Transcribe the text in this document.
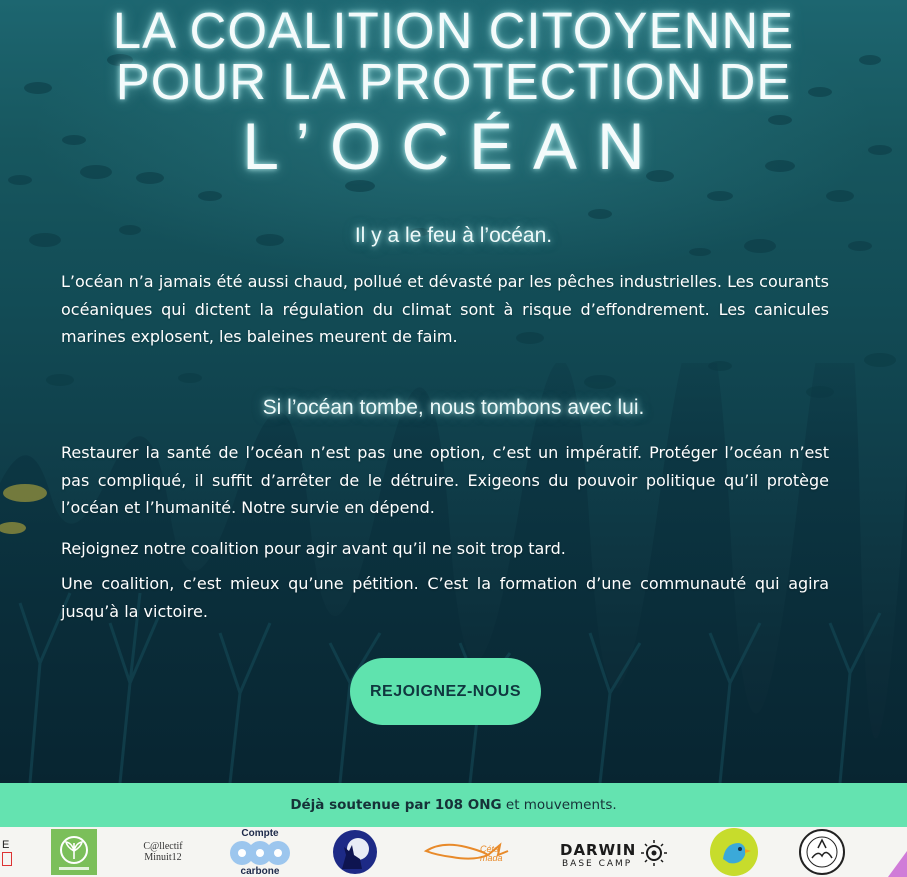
LA COALITION CITOYENNE
POUR LA PROTECTION DE
L’OCÉAN
Il y a le feu à l’océan.

L’océan n’a jamais été aussi chaud, pollué et dévasté par les pêches industrielles. Les courants océaniques qui dictent la régulation du climat sont à risque d’effondrement. Les canicules marines explosent, les baleines meurent de faim.

Si l’océan tombe, nous tombons avec lui.

Restaurer la santé de l’océan n’est pas une option, c’est un impératif. Protéger l’océan n’est pas compliqué, il suffit d’arrêter de le détruire. Exigeons du pouvoir politique qu’il protège l’océan et l’humanité. Notre survie en dépend.

Rejoignez notre coalition pour agir avant qu’il ne soit trop tard.

Une coalition, c’est mieux qu’une pétition. C’est la formation d’une communauté qui agira jusqu’à la victoire.

REJOIGNEZ-NOUS
Déjà soutenue par 108 ONG et mouvements.
E	C@llectif
Minuit12
Compte
carbone
Céta mada	DARWIN
BASE CAMP
